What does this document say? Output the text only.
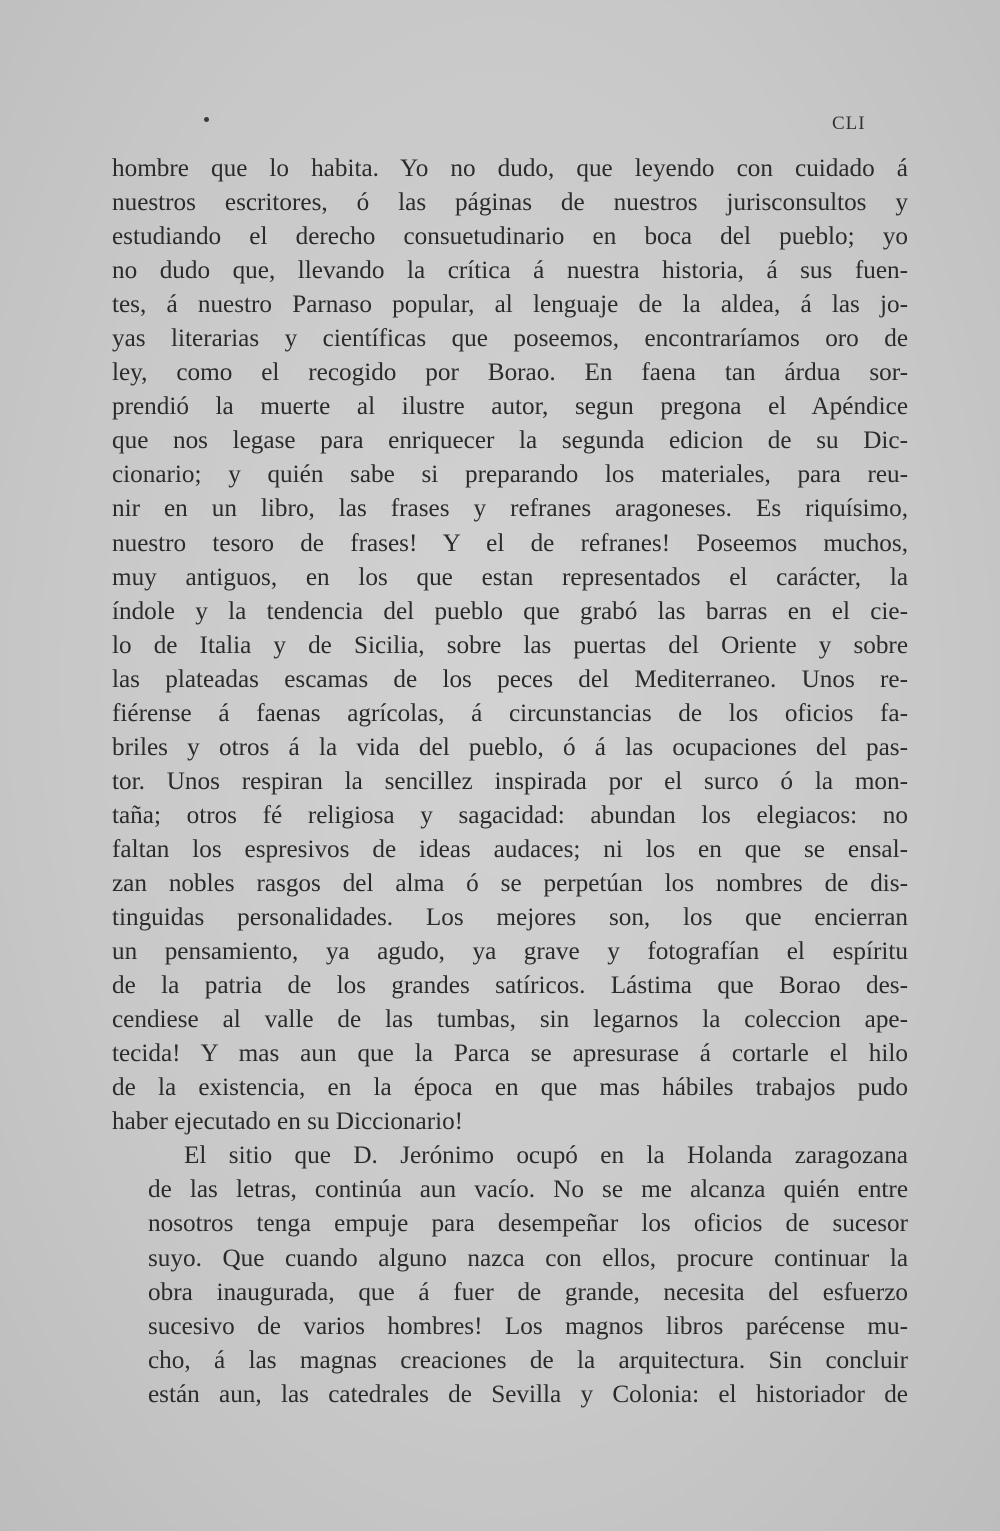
CLI
hombre que lo habita. Yo no dudo, que leyendo con cuidado á
nuestros escritores, ó las páginas de nuestros jurisconsultos y
estudiando el derecho consuetudinario en boca del pueblo; yo
no dudo que, llevando la crítica á nuestra historia, á sus fuen-
tes, á nuestro Parnaso popular, al lenguaje de la aldea, á las jo-
yas literarias y científicas que poseemos, encontraríamos oro de
ley, como el recogido por Borao. En faena tan árdua sor-
prendió la muerte al ilustre autor, segun pregona el Apéndice
que nos legase para enriquecer la segunda edicion de su Dic-
cionario; y quién sabe si preparando los materiales, para reu-
nir en un libro, las frases y refranes aragoneses. Es riquísimo,
nuestro tesoro de frases! Y el de refranes! Poseemos muchos,
muy antiguos, en los que estan representados el carácter, la
índole y la tendencia del pueblo que grabó las barras en el cie-
lo de Italia y de Sicilia, sobre las puertas del Oriente y sobre
las plateadas escamas de los peces del Mediterraneo. Unos re-
fiérense á faenas agrícolas, á circunstancias de los oficios fa-
briles y otros á la vida del pueblo, ó á las ocupaciones del pas-
tor. Unos respiran la sencillez inspirada por el surco ó la mon-
taña; otros fé religiosa y sagacidad: abundan los elegiacos: no
faltan los espresivos de ideas audaces; ni los en que se ensal-
zan nobles rasgos del alma ó se perpetúan los nombres de dis-
tinguidas personalidades. Los mejores son, los que encierran
un pensamiento, ya agudo, ya grave y fotografían el espíritu
de la patria de los grandes satíricos. Lástima que Borao des-
cendiese al valle de las tumbas, sin legarnos la coleccion ape-
tecida! Y mas aun que la Parca se apresurase á cortarle el hilo
de la existencia, en la época en que mas hábiles trabajos pudo
haber ejecutado en su Diccionario!
El sitio que D. Jerónimo ocupó en la Holanda zaragozana
de las letras, continúa aun vacío. No se me alcanza quién entre
nosotros tenga empuje para desempeñar los oficios de sucesor
suyo. Que cuando alguno nazca con ellos, procure continuar la
obra inaugurada, que á fuer de grande, necesita del esfuerzo
sucesivo de varios hombres! Los magnos libros parécense mu-
cho, á las magnas creaciones de la arquitectura. Sin concluir
están aun, las catedrales de Sevilla y Colonia: el historiador de
